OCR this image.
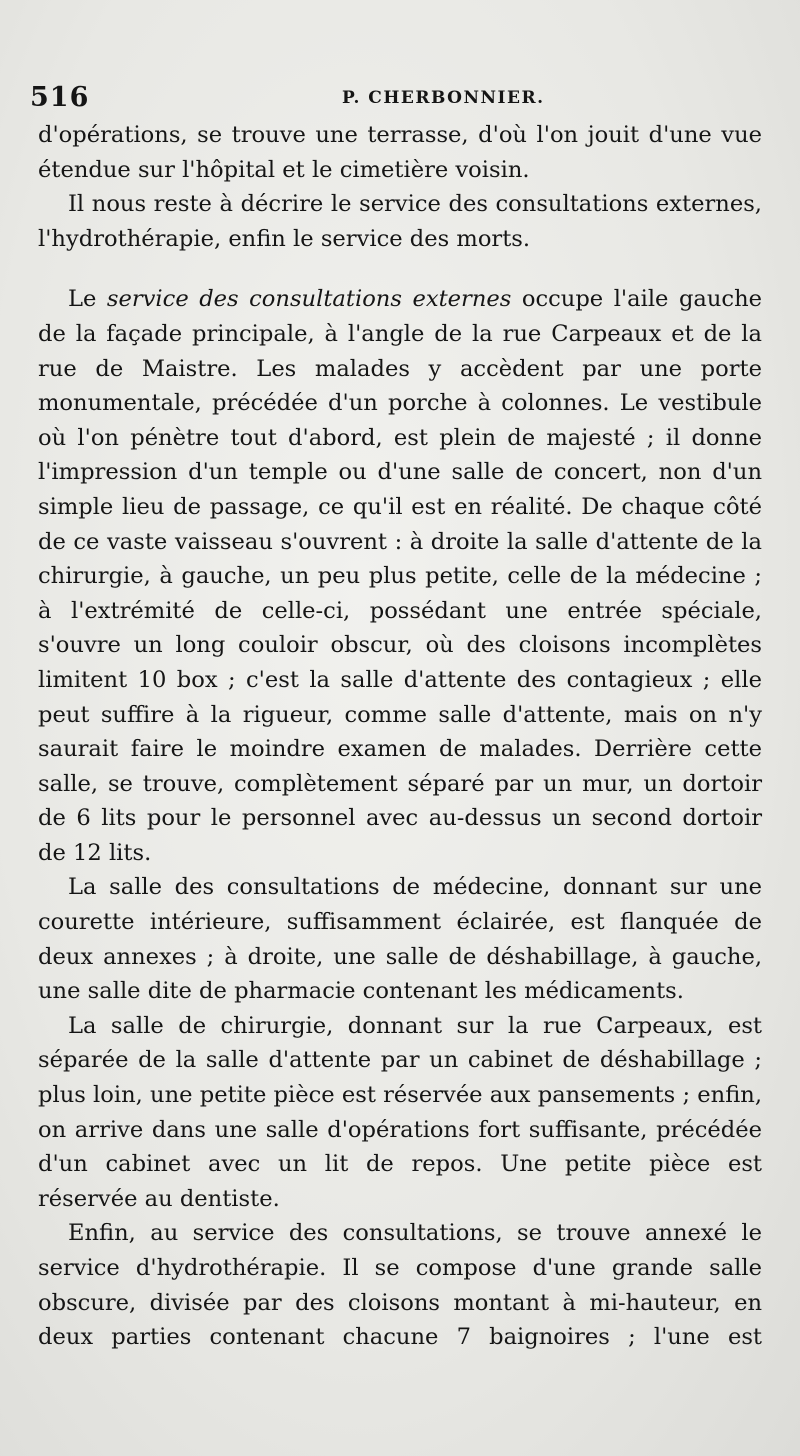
516	P. CHERBONNIER.

d'opérations, se trouve une terrasse, d'où l'on jouit d'une vue étendue sur l'hôpital et le cimetière voisin.

Il nous reste à décrire le service des consultations externes, l'hydrothérapie, enfin le service des morts.

Le service des consultations externes occupe l'aile gauche de la façade principale, à l'angle de la rue Carpeaux et de la rue de Maistre. Les malades y accèdent par une porte monumentale, précédée d'un porche à colonnes. Le vestibule où l'on pénètre tout d'abord, est plein de majesté ; il donne l'impression d'un temple ou d'une salle de concert, non d'un simple lieu de passage, ce qu'il est en réalité. De chaque côté de ce vaste vaisseau s'ouvrent : à droite la salle d'attente de la chirurgie, à gauche, un peu plus petite, celle de la médecine ; à l'extrémité de celle-ci, possédant une entrée spéciale, s'ouvre un long couloir obscur, où des cloisons incomplètes limitent 10 box ; c'est la salle d'attente des contagieux ; elle peut suffire à la rigueur, comme salle d'attente, mais on n'y saurait faire le moindre examen de malades. Derrière cette salle, se trouve, complètement séparé par un mur, un dortoir de 6 lits pour le personnel avec au-dessus un second dortoir de 12 lits.

La salle des consultations de médecine, donnant sur une courette intérieure, suffisamment éclairée, est flanquée de deux annexes ; à droite, une salle de déshabillage, à gauche, une salle dite de pharmacie contenant les médicaments.

La salle de chirurgie, donnant sur la rue Carpeaux, est séparée de la salle d'attente par un cabinet de déshabillage ; plus loin, une petite pièce est réservée aux pansements ; enfin, on arrive dans une salle d'opérations fort suffisante, précédée d'un cabinet avec un lit de repos. Une petite pièce est réservée au dentiste.

Enfin, au service des consultations, se trouve annexé le service d'hydrothérapie. Il se compose d'une grande salle obscure, divisée par des cloisons montant à mi-hauteur, en deux parties contenant chacune 7 baignoires ; l'une est
